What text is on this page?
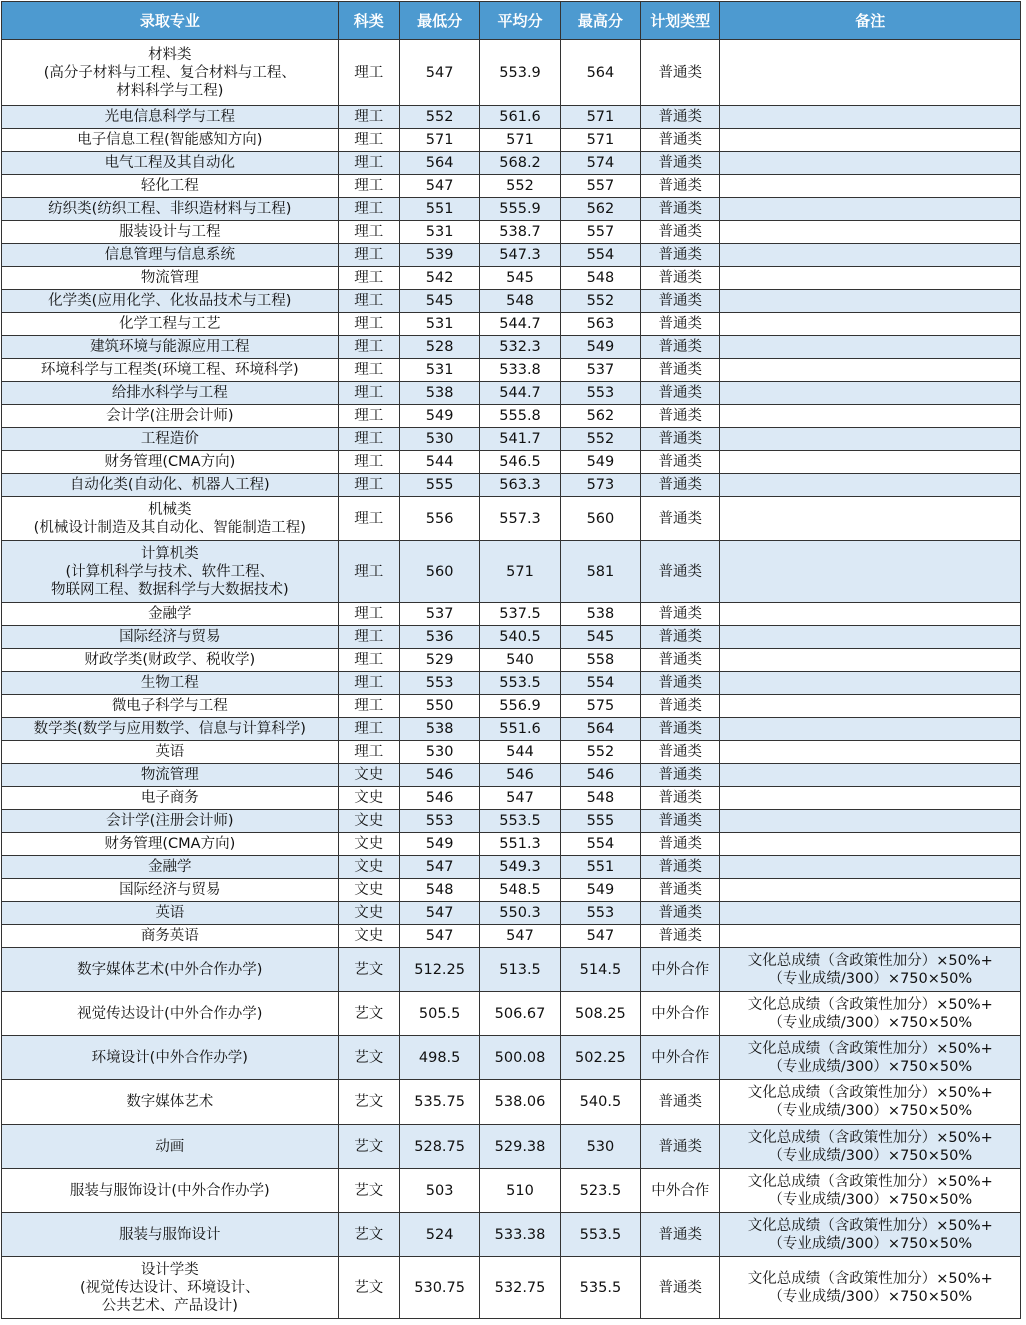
录取专业	科类	最低分	平均分	最高分	计划类型	备注
材料类
(高分子材料与工程、复合材料与工程、
材料科学与工程)	理工	547	553.9	564	普通类	
光电信息科学与工程	理工	552	561.6	571	普通类	
电子信息工程(智能感知方向)	理工	571	571	571	普通类	
电气工程及其自动化	理工	564	568.2	574	普通类	
轻化工程	理工	547	552	557	普通类	
纺织类(纺织工程、非织造材料与工程)	理工	551	555.9	562	普通类	
服装设计与工程	理工	531	538.7	557	普通类	
信息管理与信息系统	理工	539	547.3	554	普通类	
物流管理	理工	542	545	548	普通类	
化学类(应用化学、化妆品技术与工程)	理工	545	548	552	普通类	
化学工程与工艺	理工	531	544.7	563	普通类	
建筑环境与能源应用工程	理工	528	532.3	549	普通类	
环境科学与工程类(环境工程、环境科学)	理工	531	533.8	537	普通类	
给排水科学与工程	理工	538	544.7	553	普通类	
会计学(注册会计师)	理工	549	555.8	562	普通类	
工程造价	理工	530	541.7	552	普通类	
财务管理(CMA方向)	理工	544	546.5	549	普通类	
自动化类(自动化、机器人工程)	理工	555	563.3	573	普通类	
机械类
(机械设计制造及其自动化、智能制造工程)	理工	556	557.3	560	普通类	
计算机类
(计算机科学与技术、软件工程、
物联网工程、数据科学与大数据技术)	理工	560	571	581	普通类	
金融学	理工	537	537.5	538	普通类	
国际经济与贸易	理工	536	540.5	545	普通类	
财政学类(财政学、税收学)	理工	529	540	558	普通类	
生物工程	理工	553	553.5	554	普通类	
微电子科学与工程	理工	550	556.9	575	普通类	
数学类(数学与应用数学、信息与计算科学)	理工	538	551.6	564	普通类	
英语	理工	530	544	552	普通类	
物流管理	文史	546	546	546	普通类	
电子商务	文史	546	547	548	普通类	
会计学(注册会计师)	文史	553	553.5	555	普通类	
财务管理(CMA方向)	文史	549	551.3	554	普通类	
金融学	文史	547	549.3	551	普通类	
国际经济与贸易	文史	548	548.5	549	普通类	
英语	文史	547	550.3	553	普通类	
商务英语	文史	547	547	547	普通类	
数字媒体艺术(中外合作办学)	艺文	512.25	513.5	514.5	中外合作	文化总成绩（含政策性加分）×50%+
（专业成绩/300）×750×50%
视觉传达设计(中外合作办学)	艺文	505.5	506.67	508.25	中外合作	文化总成绩（含政策性加分）×50%+
（专业成绩/300）×750×50%
环境设计(中外合作办学)	艺文	498.5	500.08	502.25	中外合作	文化总成绩（含政策性加分）×50%+
（专业成绩/300）×750×50%
数字媒体艺术	艺文	535.75	538.06	540.5	普通类	文化总成绩（含政策性加分）×50%+
（专业成绩/300）×750×50%
动画	艺文	528.75	529.38	530	普通类	文化总成绩（含政策性加分）×50%+
（专业成绩/300）×750×50%
服装与服饰设计(中外合作办学)	艺文	503	510	523.5	中外合作	文化总成绩（含政策性加分）×50%+
（专业成绩/300）×750×50%
服装与服饰设计	艺文	524	533.38	553.5	普通类	文化总成绩（含政策性加分）×50%+
（专业成绩/300）×750×50%
设计学类
(视觉传达设计、环境设计、
公共艺术、产品设计)	艺文	530.75	532.75	535.5	普通类	文化总成绩（含政策性加分）×50%+
（专业成绩/300）×750×50%
